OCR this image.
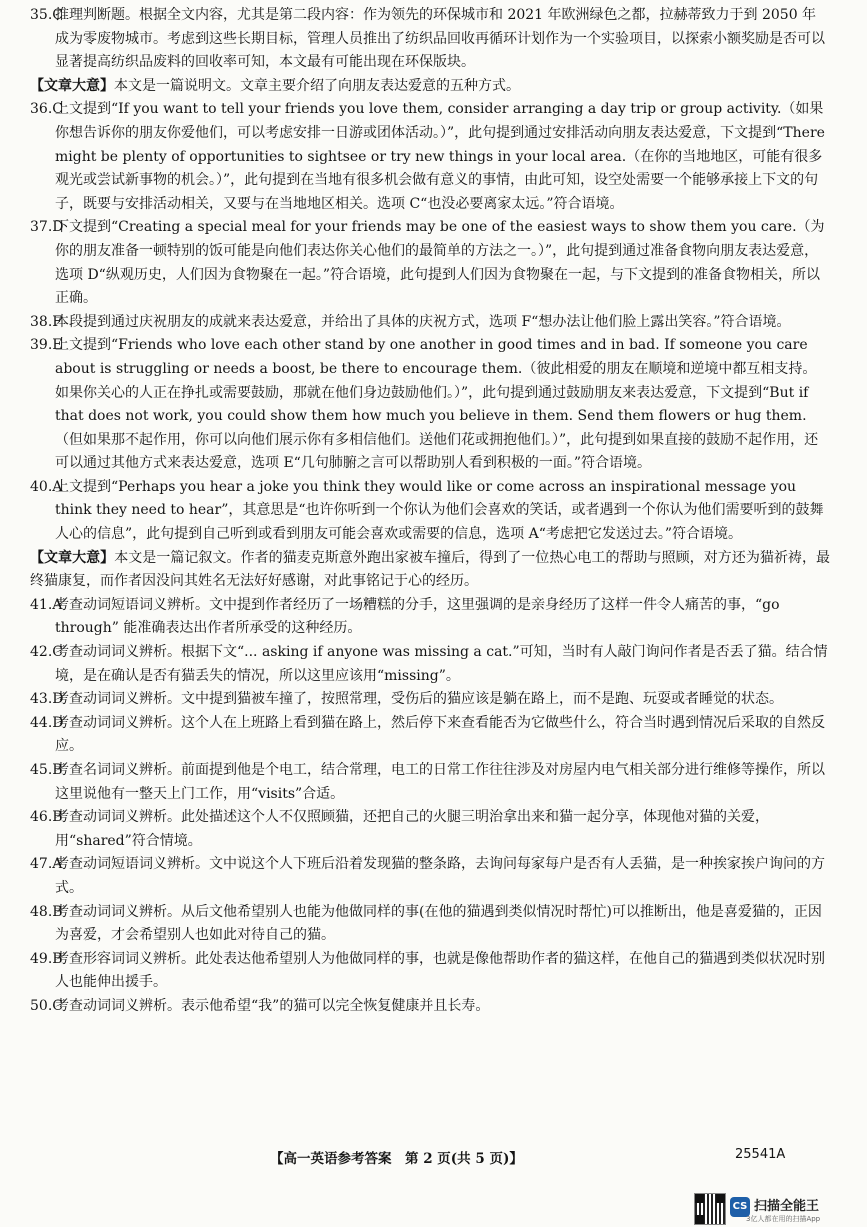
35.C
推理判断题。根据全文内容，尤其是第二段内容：作为领先的环保城市和 2021 年欧洲绿色之都，拉赫蒂致力于到 2050 年成为零废物城市。考虑到这些长期目标，管理人员推出了纺织品回收再循环计划作为一个实验项目，以探索小额奖励是否可以显著提高纺织品废料的回收率可知，本文最有可能出现在环保版块。

【文章大意】本文是一篇说明文。文章主要介绍了向朋友表达爱意的五种方式。

36.C
上文提到“If you want to tell your friends you love them, consider arranging a day trip or group activity.（如果你想告诉你的朋友你爱他们，可以考虑安排一日游或团体活动。）”，此句提到通过安排活动向朋友表达爱意，下文提到“There might be plenty of opportunities to sightsee or try new things in your local area.（在你的当地地区，可能有很多观光或尝试新事物的机会。）”，此句提到在当地有很多机会做有意义的事情，由此可知，设空处需要一个能够承接上下文的句子，既要与安排活动相关，又要与在当地地区相关。选项 C“也没必要离家太远。”符合语境。

37.D
下文提到“Creating a special meal for your friends may be one of the easiest ways to show them you care.（为你的朋友准备一顿特别的饭可能是向他们表达你关心他们的最简单的方法之一。）”，此句提到通过准备食物向朋友表达爱意，选项 D“纵观历史，人们因为食物聚在一起。”符合语境，此句提到人们因为食物聚在一起，与下文提到的准备食物相关，所以正确。

38.F
本段提到通过庆祝朋友的成就来表达爱意，并给出了具体的庆祝方式，选项 F“想办法让他们脸上露出笑容。”符合语境。

39.E
上文提到“Friends who love each other stand by one another in good times and in bad. If someone you care about is struggling or needs a boost, be there to encourage them.（彼此相爱的朋友在顺境和逆境中都互相支持。如果你关心的人正在挣扎或需要鼓励，那就在他们身边鼓励他们。）”，此句提到通过鼓励朋友来表达爱意，下文提到“But if that does not work, you could show them how much you believe in them. Send them flowers or hug them.（但如果那不起作用，你可以向他们展示你有多相信他们。送他们花或拥抱他们。）”，此句提到如果直接的鼓励不起作用，还可以通过其他方式来表达爱意，选项 E“几句肺腑之言可以帮助别人看到积极的一面。”符合语境。

40.A
上文提到“Perhaps you hear a joke you think they would like or come across an inspirational message you think they need to hear”，其意思是“也许你听到一个你认为他们会喜欢的笑话，或者遇到一个你认为他们需要听到的鼓舞人心的信息”，此句提到自己听到或看到朋友可能会喜欢或需要的信息，选项 A“考虑把它发送过去。”符合语境。

【文章大意】本文是一篇记叙文。作者的猫麦克斯意外跑出家被车撞后，得到了一位热心电工的帮助与照顾，对方还为猫祈祷，最终猫康复，而作者因没问其姓名无法好好感谢，对此事铭记于心的经历。

41.A
考查动词短语词义辨析。文中提到作者经历了一场糟糕的分手，这里强调的是亲身经历了这样一件令人痛苦的事，“go through” 能准确表达出作者所承受的这种经历。

42.C
考查动词词义辨析。根据下文“... asking if anyone was missing a cat.”可知，当时有人敲门询问作者是否丢了猫。结合情境，是在确认是否有猫丢失的情况，所以这里应该用“missing”。

43.D
考查动词词义辨析。文中提到猫被车撞了，按照常理，受伤后的猫应该是躺在路上，而不是跑、玩耍或者睡觉的状态。

44.D
考查动词词义辨析。这个人在上班路上看到猫在路上，然后停下来查看能否为它做些什么，符合当时遇到情况后采取的自然反应。

45.B
考查名词词义辨析。前面提到他是个电工，结合常理，电工的日常工作往往涉及对房屋内电气相关部分进行维修等操作，所以这里说他有一整天上门工作，用“visits”合适。

46.B
考查动词词义辨析。此处描述这个人不仅照顾猫，还把自己的火腿三明治拿出来和猫一起分享，体现他对猫的关爱，用“shared”符合情境。

47.A
考查动词短语词义辨析。文中说这个人下班后沿着发现猫的整条路，去询问每家每户是否有人丢猫，是一种挨家挨户询问的方式。

48.B
考查动词词义辨析。从后文他希望别人也能为他做同样的事(在他的猫遇到类似情况时帮忙)可以推断出，他是喜爱猫的，正因为喜爱，才会希望别人也如此对待自己的猫。

49.B
考查形容词词义辨析。此处表达他希望别人为他做同样的事，也就是像他帮助作者的猫这样，在他自己的猫遇到类似状况时别人也能伸出援手。

50.C
考查动词词义辨析。表示他希望“我”的猫可以完全恢复健康并且长寿。

【高一英语参考答案　第 2 页(共 5 页)】	25541A
CS 扫描全能王
3亿人都在用的扫描App
